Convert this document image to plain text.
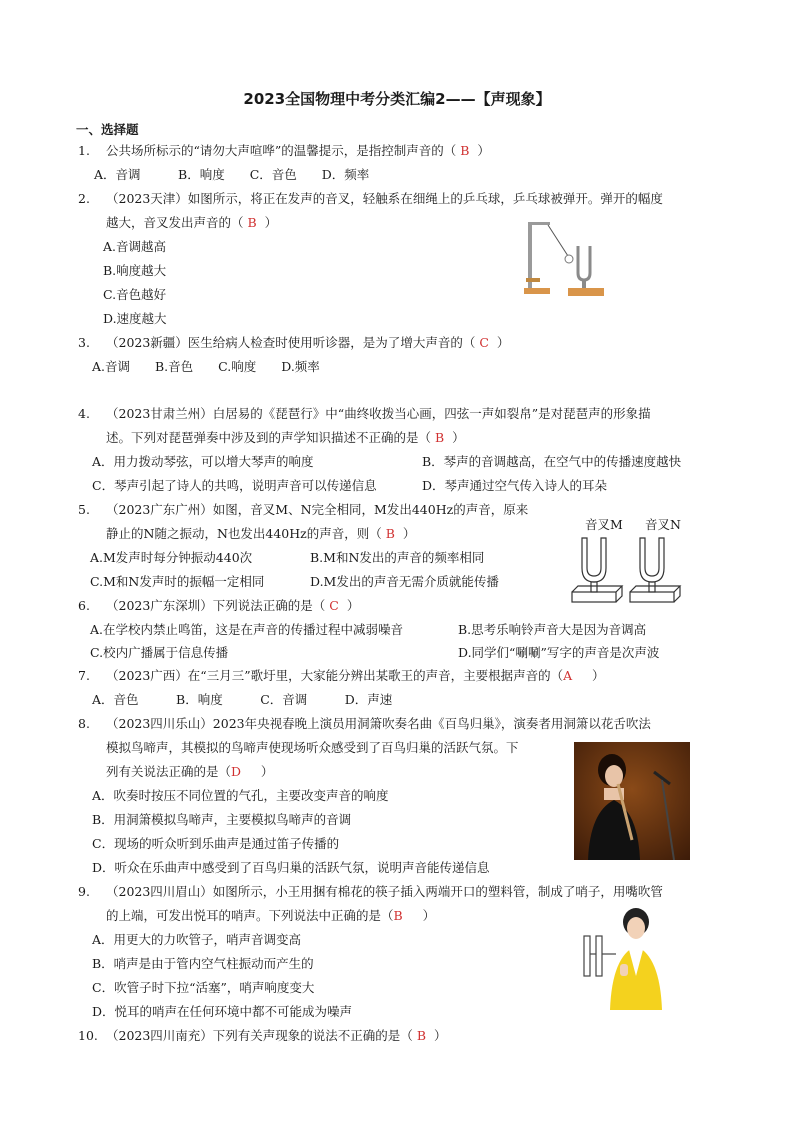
2023全国物理中考分类汇编2——【声现象】
一、选择题
1. 公共场所标示的“请勿大声喧哗”的温馨提示，是指控制声音的（ B ）
A．音调　　　B．响度　　C．音色　　D．频率
2. （2023天津）如图所示，将正在发声的音叉，轻触系在细绳上的乒乓球，乒乓球被弹开。弹开的幅度
越大，音叉发出声音的（ B ）
A.音调越高
B.响度越大
C.音色越好
D.速度越大
3. （2023新疆）医生给病人检查时使用听诊器，是为了增大声音的（ C ）
A.音调　　B.音色　　C.响度　　D.频率
4. （2023甘肃兰州）白居易的《琵琶行》中“曲终收拨当心画，四弦一声如裂帛”是对琵琶声的形象描
述。下列对琵琶弹奏中涉及到的声学知识描述不正确的是（ B ）
A．用力拨动琴弦，可以增大琴声的响度	B．琴声的音调越高，在空气中的传播速度越快
C．琴声引起了诗人的共鸣，说明声音可以传递信息	D．琴声通过空气传入诗人的耳朵
5. （2023广东广州）如图，音叉M、N完全相同，M发出440Hz的声音，原来
静止的N随之振动，N也发出440Hz的声音，则（ B ）
A.M发声时每分钟振动440次	B.M和N发出的声音的频率相同
C.M和N发声时的振幅一定相同	D.M发出的声音无需介质就能传播
音叉M 音叉N
6. （2023广东深圳）下列说法正确的是（ C ）
A.在学校内禁止鸣笛，这是在声音的传播过程中减弱噪音	B.思考乐响铃声音大是因为音调高
C.校内广播属于信息传播	D.同学们“唰唰”写字的声音是次声波
7. （2023广西）在“三月三”歌圩里，大家能分辨出某歌王的声音，主要根据声音的（A ）
A．音色　　　B．响度　　　C．音调　　　D．声速
8. （2023四川乐山）2023年央视春晚上演员用洞箫吹奏名曲《百鸟归巢》，演奏者用洞箫以花舌吹法
模拟鸟啼声，其模拟的鸟啼声使现场听众感受到了百鸟归巢的活跃气氛。下
列有关说法正确的是（D ）
A．吹奏时按压不同位置的气孔，主要改变声音的响度
B．用洞箫模拟鸟啼声，主要模拟鸟啼声的音调
C．现场的听众听到乐曲声是通过笛子传播的
D．听众在乐曲声中感受到了百鸟归巢的活跃气氛，说明声音能传递信息
9. （2023四川眉山）如图所示，小王用捆有棉花的筷子插入两端开口的塑料管，制成了哨子，用嘴吹管
的上端，可发出悦耳的哨声。下列说法中正确的是（B ）
A．用更大的力吹管子，哨声音调变高
B．哨声是由于管内空气柱振动而产生的
C．吹管子时下拉“活塞”，哨声响度变大
D．悦耳的哨声在任何环境中都不可能成为噪声
10. （2023四川南充）下列有关声现象的说法不正确的是（ B ）
